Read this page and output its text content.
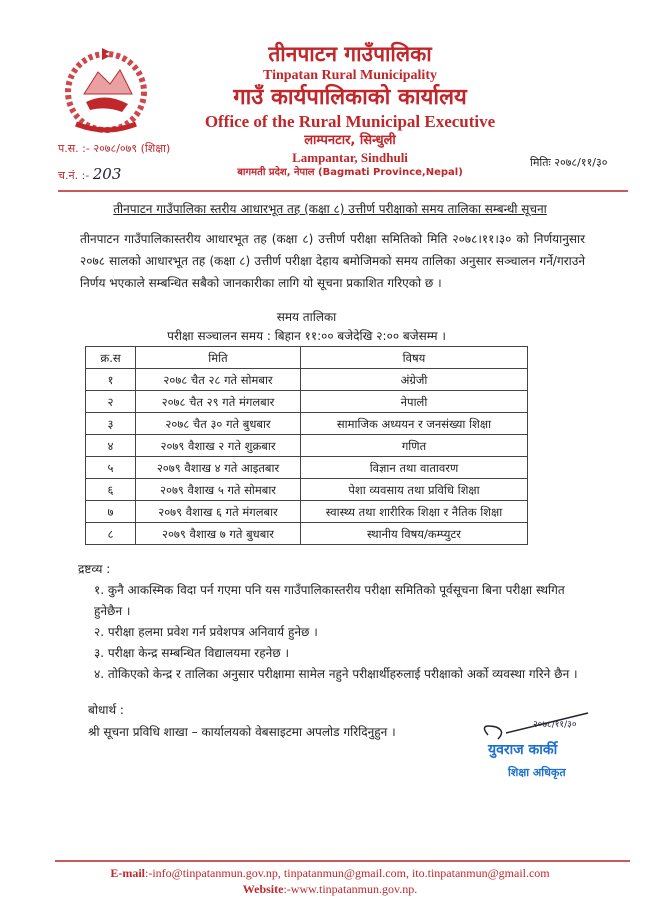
तीनपाटन गाउँपालिका
Tinpatan Rural Municipality
गाउँ कार्यपालिकाको कार्यालय
Office of the Rural Municipal Executive
लाम्पनटार, सिन्धुली
Lampantar, Sindhuli
बागमती प्रदेश, नेपाल (Bagmati Province,Nepal)
प.स. :- २०७८/०७९ (शिक्षा)
च.नं. :- 203
मितिः २०७८/११/३०
तीनपाटन गाउँपालिका स्तरीय आधारभूत तह (कक्षा ८) उत्तीर्ण परीक्षाको समय तालिका सम्बन्धी सूचना
तीनपाटन गाउँपालिकास्तरीय आधारभूत तह (कक्षा ८) उत्तीर्ण परीक्षा समितिको मिति २०७८।११।३० को निर्णयानुसार २०७८ सालको आधारभूत तह (कक्षा ८) उत्तीर्ण परीक्षा देहाय बमोजिमको समय तालिका अनुसार सञ्चालन गर्ने/गराउने निर्णय भएकाले सम्बन्धित सबैको जानकारीका लागि यो सूचना प्रकाशित गरिएको छ ।
समय तालिका
परीक्षा सञ्चालन समय : बिहान ११:०० बजेदेखि २:०० बजेसम्म ।
क्र.स	मिति	विषय
१	२०७८ चैत २८ गते सोमबार	अंग्रेजी
२	२०७८ चैत २९ गते मंगलबार	नेपाली
३	२०७८ चैत ३० गते बुधबार	सामाजिक अध्ययन र जनसंख्या शिक्षा
४	२०७९ वैशाख २ गते शुक्रबार	गणित
५	२०७९ वैशाख ४ गते आइतबार	विज्ञान तथा वातावरण
६	२०७९ वैशाख ५ गते सोमबार	पेशा व्यवसाय तथा प्रविधि शिक्षा
७	२०७९ वैशाख ६ गते मंगलबार	स्वास्थ्य तथा शारीरिक शिक्षा र नैतिक शिक्षा
८	२०७९ वैशाख ७ गते बुधबार	स्थानीय विषय/कम्प्युटर
द्रष्टव्य :
१. कुनै आकस्मिक विदा पर्न गएमा पनि यस गाउँपालिकास्तरीय परीक्षा समितिको पूर्वसूचना बिना परीक्षा स्थगित हुनेछैन ।
२. परीक्षा हलमा प्रवेश गर्न प्रवेशपत्र अनिवार्य हुनेछ ।
३. परीक्षा केन्द्र सम्बन्धित विद्यालयमा रहनेछ ।
४. तोकिएको केन्द्र र तालिका अनुसार परीक्षामा सामेल नहुने परीक्षार्थीहरुलाई परीक्षाको अर्को व्यवस्था गरिने छैन ।
बोधार्थ :
श्री सूचना प्रविधि शाखा – कार्यालयको वेबसाइटमा अपलोड गरिदिनुहुन ।	२०७८/११/३०
युवराज कार्की
शिक्षा अधिकृत
E-mail:-info@tinpatanmun.gov.np, tinpatanmun@gmail.com, ito.tinpatanmun@gmail.com
Website:-www.tinpatanmun.gov.np.
